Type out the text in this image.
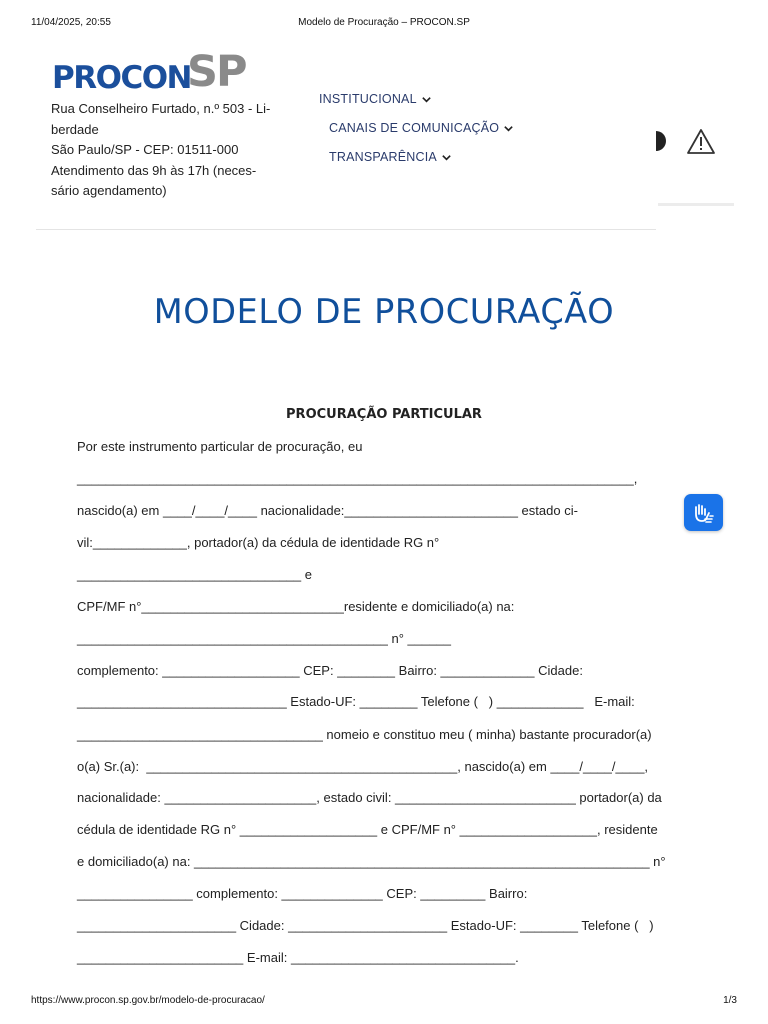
11/04/2025, 20:55	Modelo de Procuração – PROCON.SP
PROCON
SP
Rua Conselheiro Furtado, n.º 503 - Li-
berdade
São Paulo/SP - CEP: 01511-000
Atendimento das 9h às 17h (neces-
sário agendamento)
INSTITUCIONAL
CANAIS DE COMUNICAÇÃO
TRANSPARÊNCIA
MODELO DE PROCURAÇÃO
PROCURAÇÃO PARTICULAR
Por este instrumento particular de procuração, eu
_____________________________________________________________________________,
nascido(a) em ____/____/____ nacionalidade:________________________ estado ci-
vil:_____________, portador(a) da cédula de identidade RG n°
_______________________________ e
CPF/MF n°____________________________residente e domiciliado(a) na:
___________________________________________ n° ______
complemento: ___________________ CEP: ________ Bairro: _____________ Cidade:
_____________________________ Estado-UF: ________ Telefone (   ) ____________   E-mail:
__________________________________ nomeio e constituo meu ( minha) bastante procurador(a)
o(a) Sr.(a):  ___________________________________________, nascido(a) em ____/____/____,
nacionalidade: _____________________, estado civil: _________________________ portador(a) da
cédula de identidade RG n° ___________________ e CPF/MF n° ___________________, residente
e domiciliado(a) na: _______________________________________________________________ n°
________________ complemento: ______________ CEP: _________ Bairro:
______________________ Cidade: ______________________ Estado-UF: ________ Telefone (   )
_______________________ E-mail: _______________________________.
https://www.procon.sp.gov.br/modelo-de-procuracao/	1/3
